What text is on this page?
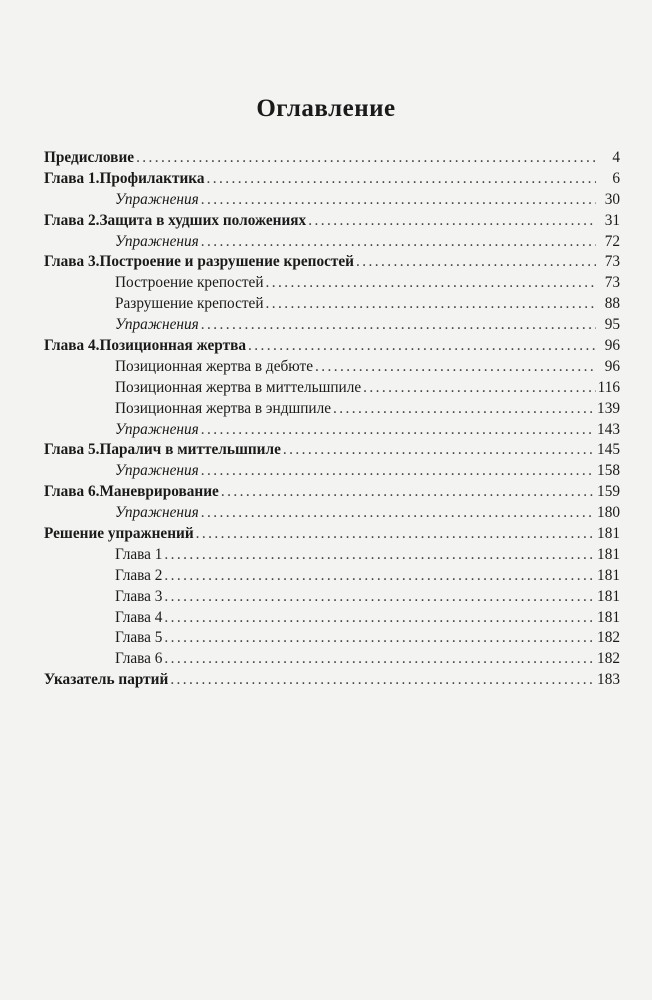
Оглавление
Предисловие . . .	4
Глава 1. Профилактика . . .	6
Упражнения . . .	30
Глава 2. Защита в худших положениях . . .	31
Упражнения . . .	72
Глава 3. Построение и разрушение крепостей . . .	73
Построение крепостей . . .	73
Разрушение крепостей . . .	88
Упражнения . . .	95
Глава 4. Позиционная жертва . . .	96
Позиционная жертва в дебюте . . .	96
Позиционная жертва в миттельшпиле . . .	116
Позиционная жертва в эндшпиле . . .	139
Упражнения . . .	143
Глава 5. Паралич в миттельшпиле . . .	145
Упражнения . . .	158
Глава 6. Маневрирование . . .	159
Упражнения . . .	180
Решение упражнений . . .	181
Глава 1 . . .	181
Глава 2 . . .	181
Глава 3 . . .	181
Глава 4 . . .	181
Глава 5 . . .	182
Глава 6 . . .	182
Указатель партий . . .	183
